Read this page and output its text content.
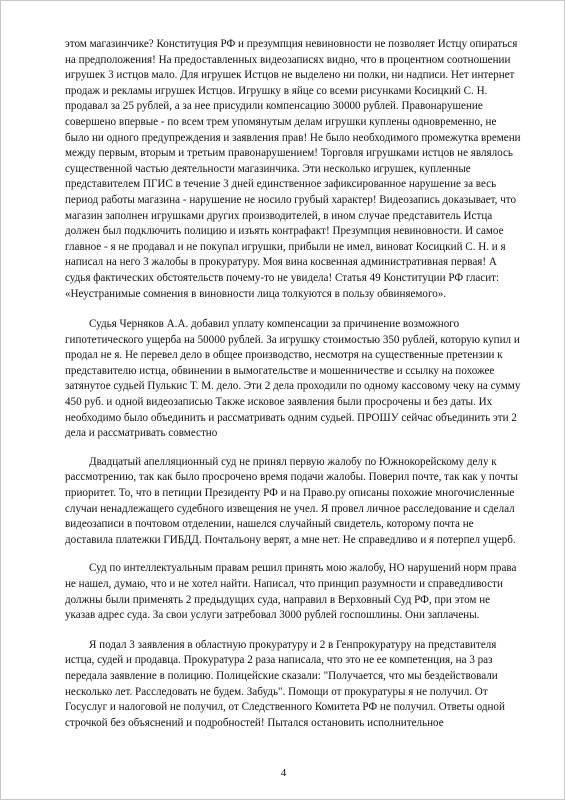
этом магазинчике? Конституция РФ и презумпция невиновности не позволяет Истцу опираться на предположения! На предоставленных видеозаписях видно, что в процентном соотношении игрушек 3 истцов мало. Для игрушек Истцов не выделено ни полки, ни надписи. Нет интернет продаж и рекламы игрушек Истцов. Игрушку в яйце со всеми рисунками Косицкий С. Н. продавал за 25 рублей, а за нее присудили компенсацию 30000 рублей. Правонарушение совершено впервые - по всем трем упомянутым делам игрушки куплены одновременно, не было ни одного предупреждения и заявления прав! Не было необходимого промежутка времени между первым, вторым и третьим правонарушением! Торговля игрушками истцов не являлось существенной частью деятельности магазинчика. Эти несколько игрушек, купленные представителем ПГИС в течение 3 дней единственное зафиксированное нарушение за весь период работы магазина - нарушение не носило грубый характер! Видеозапись доказывает, что магазин заполнен игрушками других производителей, в ином случае представитель Истца должен был подключить полицию и изъять контрафакт! Презумпция невиновности. И самое главное - я не продавал и не покупал игрушки, прибыли не имел, виноват Косицкий С. Н. и я написал на него 3 жалобы в прокуратуру. Моя вина косвенная административная первая! А судья фактических обстоятельств почему-то не увидела! Статья 49 Конституции РФ гласит: «Неустранимые сомнения в виновности лица толкуются в пользу обвиняемого».

Судья Черняков А.А. добавил уплату компенсации за причинение возможного гипотетического ущерба на 50000 рублей. За игрушку стоимостью 350 рублей, которую купил и продал не я. Не перевел дело в общее производство, несмотря на существенные претензии к представителю истца, обвинении в вымогательстве и мошенничестве и ссылку на похожее затянутое судьей Пулькис Т. М. дело. Эти 2 дела проходили по одному кассовому чеку на сумму 450 руб. и одной видеозаписью Также исковое заявления были просрочены и без даты. Их необходимо было объединить и рассматривать одним судьей. ПРОШУ сейчас объединить эти 2 дела и рассматривать совместно

Двадцатый апелляционный суд не принял первую жалобу по Южнокорейскому делу к рассмотрению, так как было просрочено время подачи жалобы. Поверил почте, так как у почты приоритет. То, что в петиции Президенту РФ и на Право.ру описаны похожие многочисленные случаи ненадлежащего судебного извещения не учел. Я провел личное расследование и сделал видеозапиcи в почтовом отделении, нашелся случайный свидетель, которому почта не доставила платежки ГИБДД. Почтальону верят, а мне нет. Не справедливо и я потерпел ущерб.

Суд по интеллектуальным правам решил принять мою жалобу, НО нарушений норм права не нашел, думаю, что и не хотел найти. Написал, что принцип разумности и справедливости должны были применять 2 предыдущих суда, направил в Верховный Суд РФ, при этом не указав адрес суда. За свои услуги затребовал 3000 рублей госпошлины. Они заплачены.

Я подал 3 заявления в областную прокуратуру и 2 в Генпрокуратуру на представителя истца, судей и продавца. Прокуратура 2 раза написала, что это не ее компетенция, на 3 раз передала заявление в полицию. Полицейские сказали: "Получается, что мы бездействовали несколько лет. Расследовать не будем. Забудь". Помощи от прокуратуры я не получил. От Госуслуг и налоговой не получил, от Следственного Комитета РФ не получил. Ответы одной строчкой без объяснений и подробностей! Пытался остановить исполнительное

4
